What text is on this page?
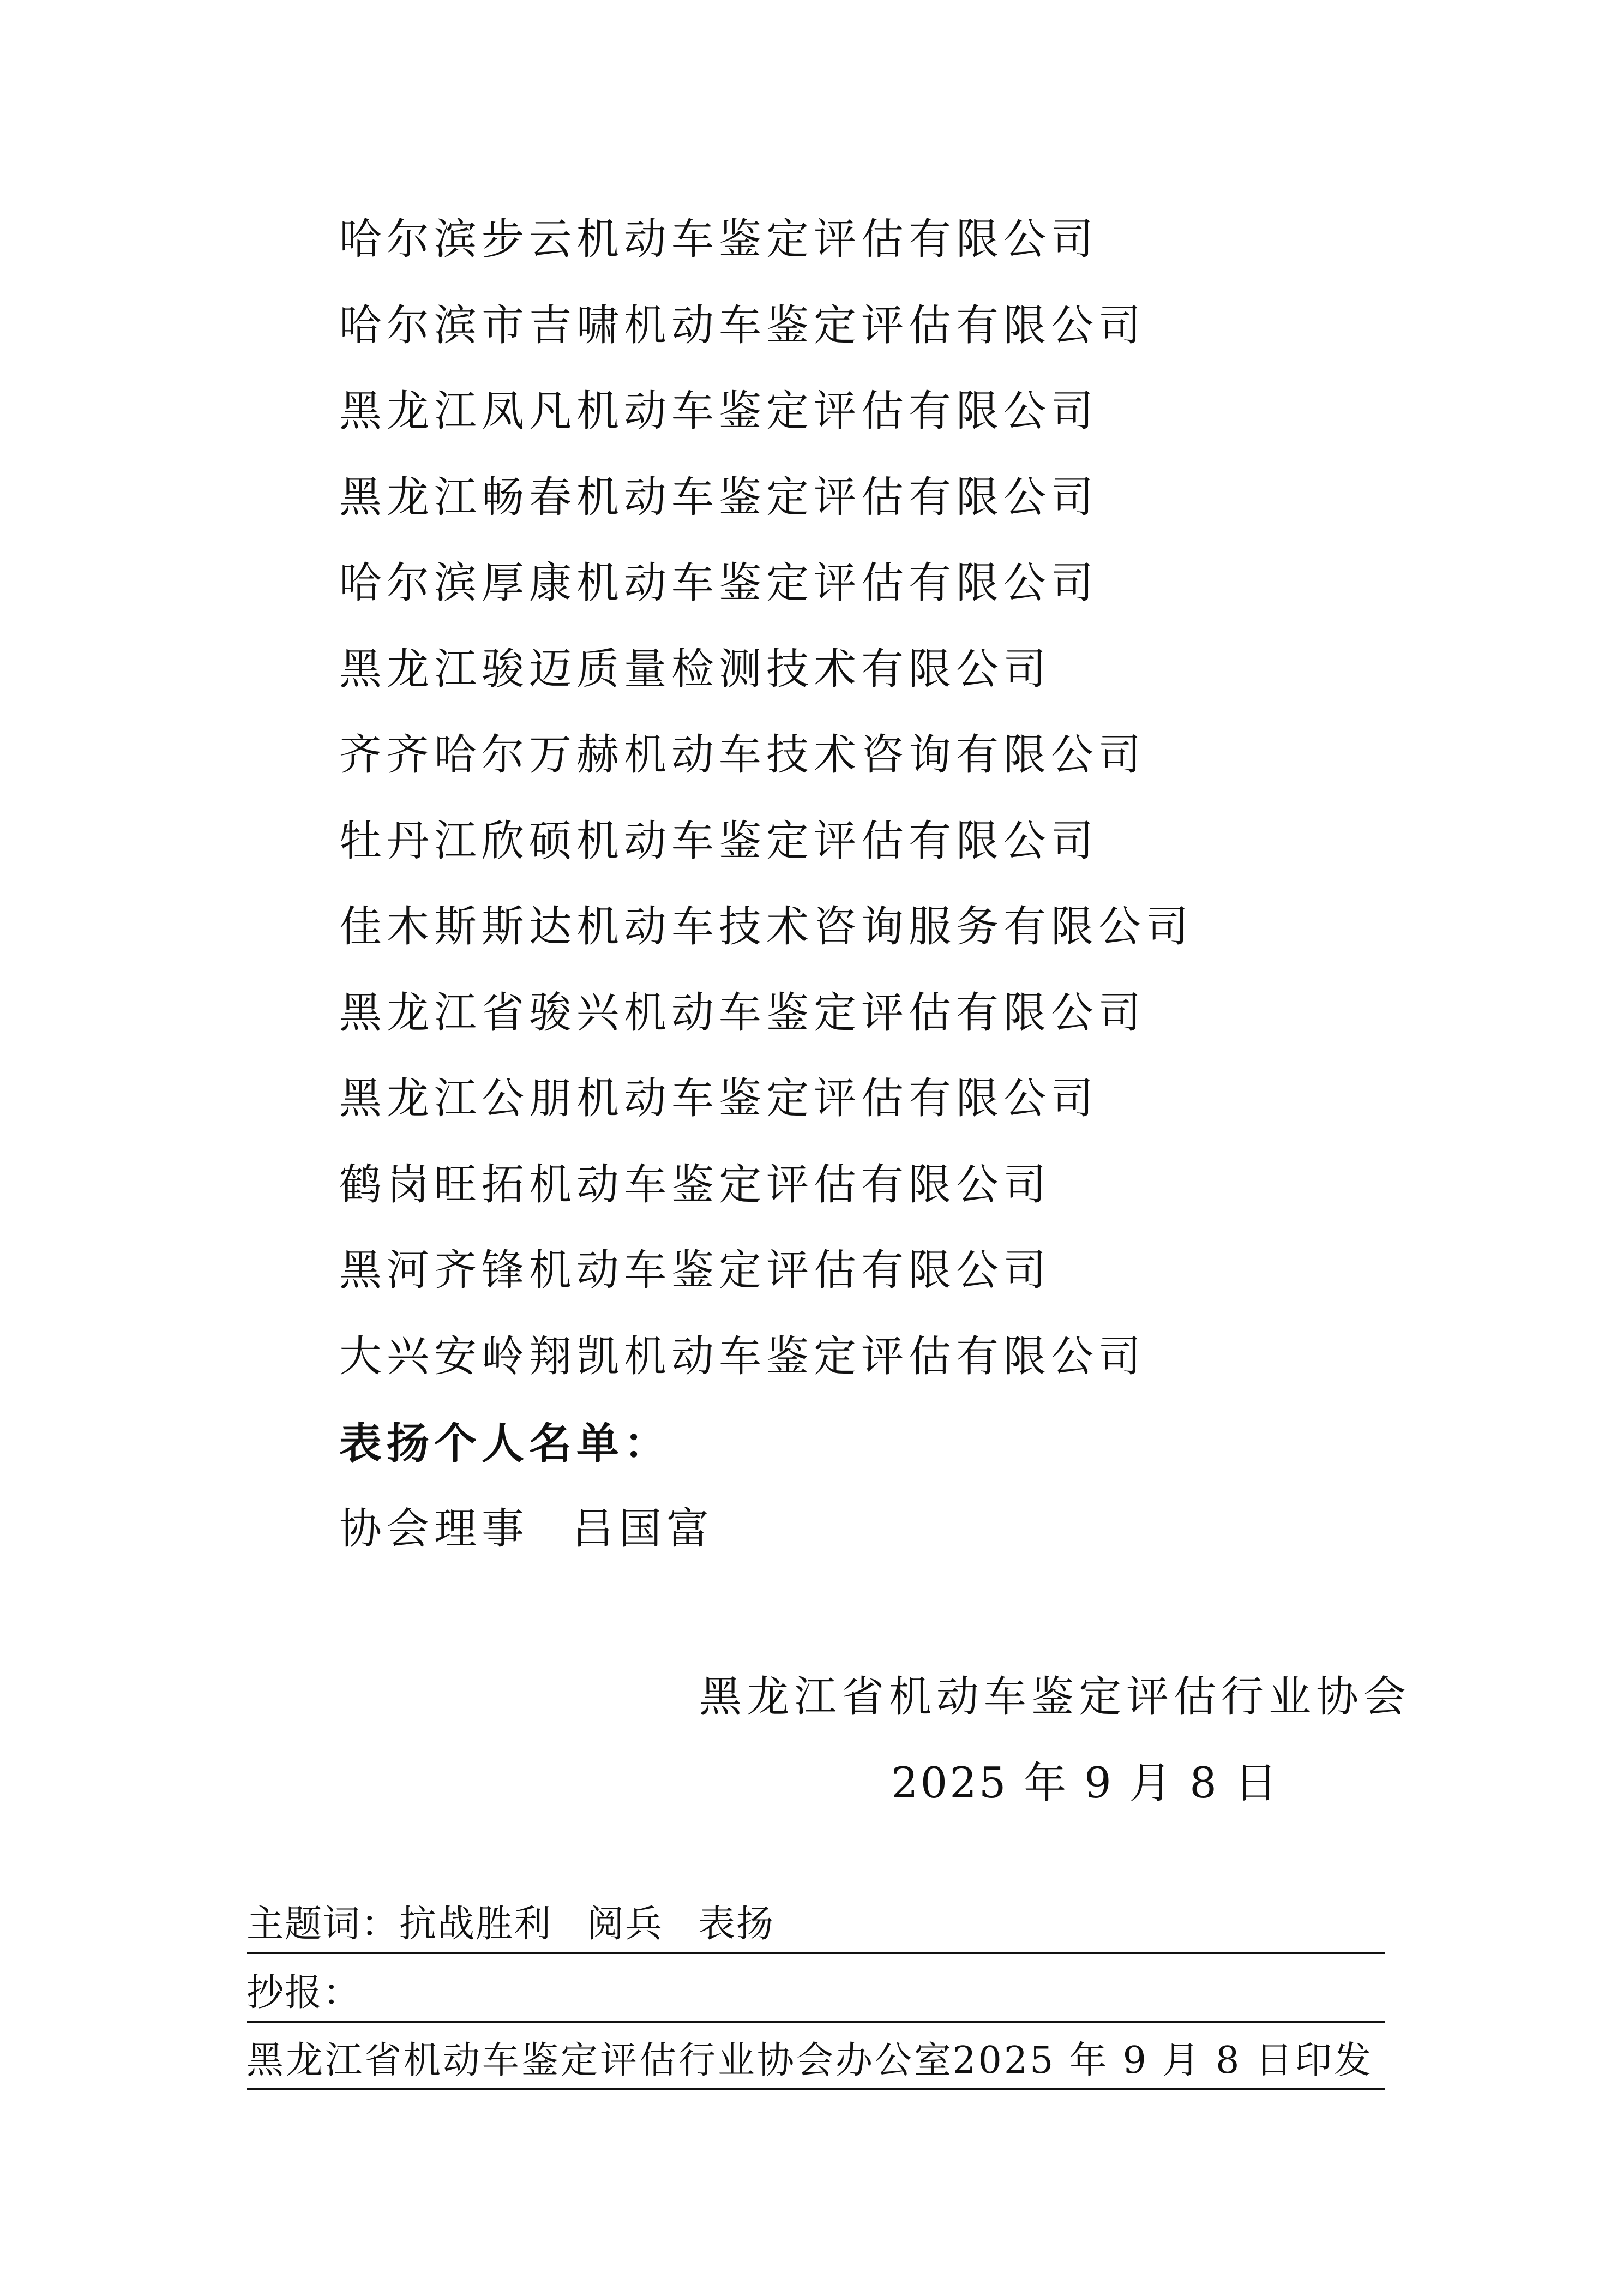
哈尔滨步云机动车鉴定评估有限公司
哈尔滨市吉啸机动车鉴定评估有限公司
黑龙江凤凡机动车鉴定评估有限公司
黑龙江畅春机动车鉴定评估有限公司
哈尔滨厚康机动车鉴定评估有限公司
黑龙江骏迈质量检测技术有限公司
齐齐哈尔万赫机动车技术咨询有限公司
牡丹江欣硕机动车鉴定评估有限公司
佳木斯斯达机动车技术咨询服务有限公司
黑龙江省骏兴机动车鉴定评估有限公司
黑龙江公朋机动车鉴定评估有限公司
鹤岗旺拓机动车鉴定评估有限公司
黑河齐锋机动车鉴定评估有限公司
大兴安岭翔凯机动车鉴定评估有限公司
表扬个人名单：
协会理事 吕国富
黑龙江省机动车鉴定评估行业协会
2025 年 9 月 8 日
主题词：抗战胜利 阅兵 表扬
抄报：
黑龙江省机动车鉴定评估行业协会办公室
2025 年 9 月 8 日印发
